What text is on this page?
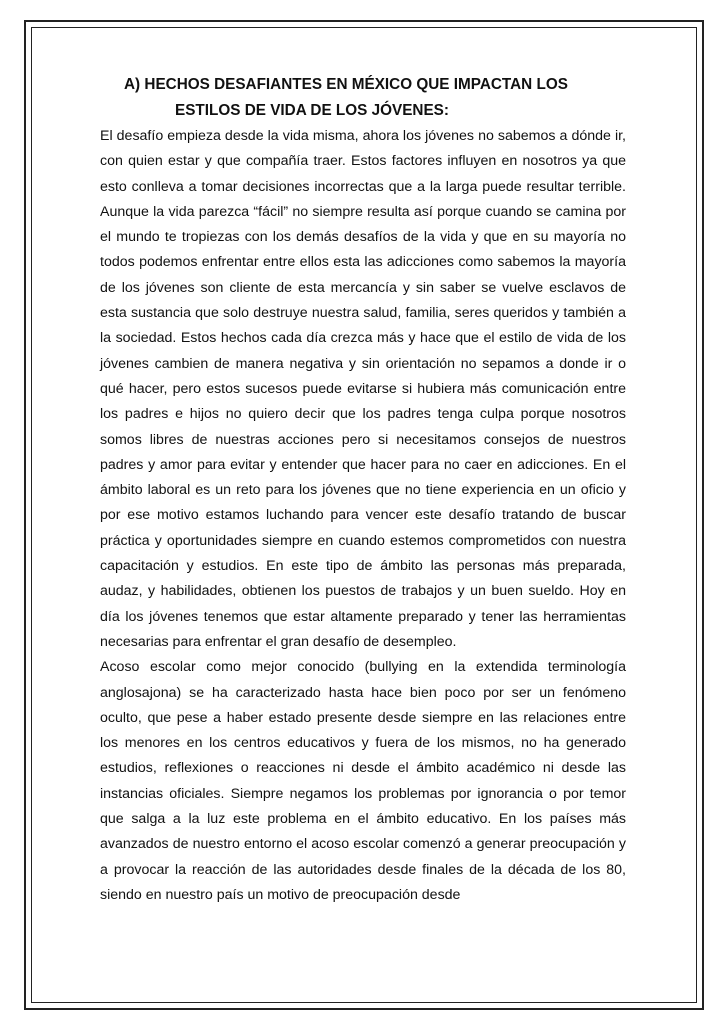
A) HECHOS DESAFIANTES EN MÉXICO QUE IMPACTAN LOS
ESTILOS DE VIDA DE LOS JÓVENES:

El desafío empieza desde la vida misma, ahora los jóvenes no sabemos a dónde ir, con quien estar y que compañía traer. Estos factores influyen en nosotros ya que esto conlleva a tomar decisiones incorrectas que a la larga puede resultar terrible. Aunque la vida parezca “fácil” no siempre resulta así porque cuando se camina por el mundo te tropiezas con los demás desafíos de la vida y que en su mayoría no todos podemos enfrentar entre ellos esta las adicciones como sabemos la mayoría de los jóvenes son cliente de esta mercancía y sin saber se vuelve esclavos de esta sustancia que solo destruye nuestra salud, familia, seres queridos y también a la sociedad. Estos hechos cada día crezca más y hace que el estilo de vida de los jóvenes cambien de manera negativa y sin orientación no sepamos a donde ir o qué hacer, pero estos sucesos puede evitarse si hubiera más comunicación entre los padres e hijos no quiero decir que los padres tenga culpa porque nosotros somos libres de nuestras acciones pero si necesitamos consejos de nuestros padres y amor para evitar y entender que hacer para no caer en adicciones. En el ámbito laboral es un reto para los jóvenes que no tiene experiencia en un oficio y por ese motivo estamos luchando para vencer este desafío tratando de buscar práctica y oportunidades siempre en cuando estemos comprometidos con nuestra capacitación y estudios. En este tipo de ámbito las personas más preparada, audaz, y habilidades, obtienen los puestos de trabajos y un buen sueldo. Hoy en día los jóvenes tenemos que estar altamente preparado y tener las herramientas necesarias para enfrentar el gran desafío de desempleo.

Acoso escolar como mejor conocido (bullying en la extendida terminología anglosajona) se ha caracterizado hasta hace bien poco por ser un fenómeno oculto, que pese a haber estado presente desde siempre en las relaciones entre los menores en los centros educativos y fuera de los mismos, no ha generado estudios, reflexiones o reacciones ni desde el ámbito académico ni desde las instancias oficiales. Siempre negamos los problemas por ignorancia o por temor que salga a la luz este problema en el ámbito educativo. En los países más avanzados de nuestro entorno el acoso escolar comenzó a generar preocupación y a provocar la reacción de las autoridades desde finales de la década de los 80, siendo en nuestro país un motivo de preocupación desde
